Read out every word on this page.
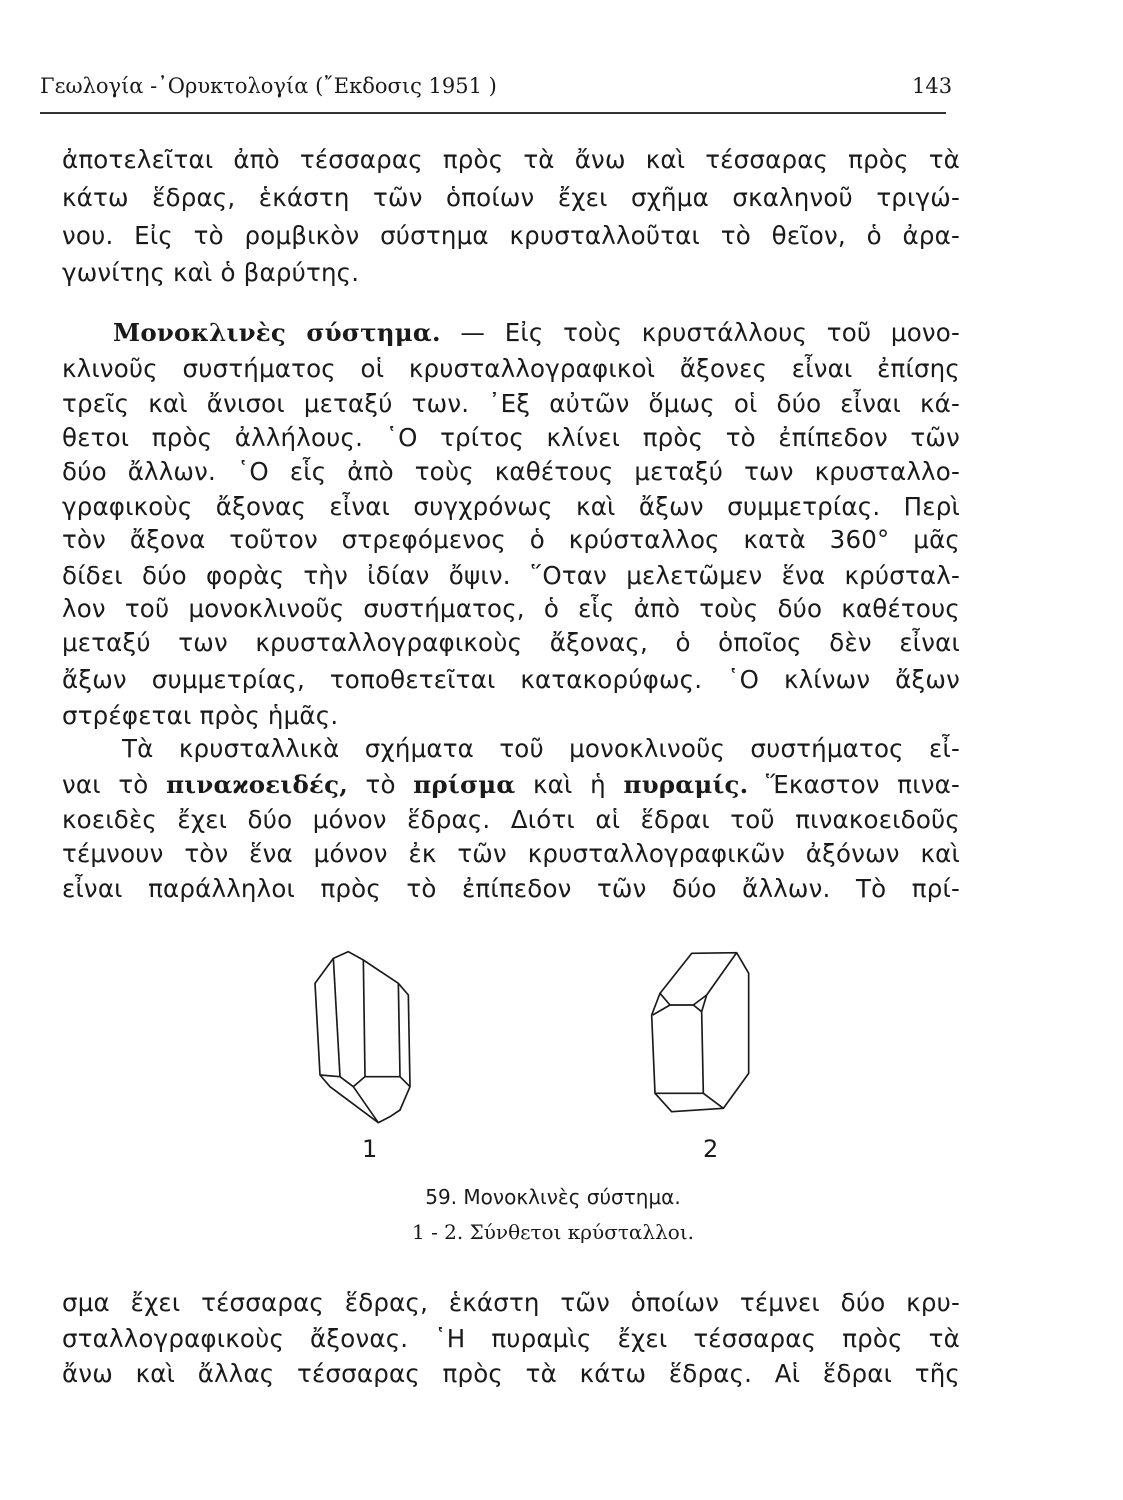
Γεωλογία -᾿Ορυκτολογία (῎Εκδοσις 1951 )	143
ἀποτελεῖται ἀπὸ τέσσαρας πρὸς τὰ ἄνω καὶ τέσσαρας πρὸς τὰ
κάτω ἕδρας, ἑκάστη τῶν ὁποίων ἔχει σχῆμα σκαληνοῦ τριγώ-
νου. Εἰς τὸ ρομβικὸν σύστημα κρυσταλλοῦται τὸ θεῖον, ὁ ἀρα-
γωνίτης καὶ ὁ βαρύτης.
Μονοκλινὲς σύστημα. — Εἰς τοὺς κρυστάλλους τοῦ μονο-
κλινοῦς συστήματος οἱ κρυσταλλογραφικοὶ ἄξονες εἶναι ἐπίσης
τρεῖς καὶ ἄνισοι μεταξύ των. ᾿Εξ αὐτῶν ὅμως οἱ δύο εἶναι κά-
θετοι πρὸς ἀλλήλους. ῾Ο τρίτος κλίνει πρὸς τὸ ἐπίπεδον τῶν
δύο ἄλλων. ῾Ο εἷς ἀπὸ τοὺς καθέτους μεταξύ των κρυσταλλο-
γραφικοὺς ἄξονας εἶναι συγχρόνως καὶ ἄξων συμμετρίας. Περὶ
τὸν ἄξονα τοῦτον στρεφόμενος ὁ κρύσταλλος κατὰ 360° μᾶς
δίδει δύο φορὰς τὴν ἰδίαν ὄψιν. ῞Οταν μελετῶμεν ἕνα κρύσταλ-
λον τοῦ μονοκλινοῦς συστήματος, ὁ εἷς ἀπὸ τοὺς δύο καθέτους
μεταξύ των κρυσταλλογραφικοὺς ἄξονας, ὁ ὁποῖος δὲν εἶναι
ἄξων συμμετρίας, τοποθετεῖται κατακορύφως. ῾Ο κλίνων ἄξων
στρέφεται πρὸς ἡμᾶς.
Τὰ κρυσταλλικὰ σχήματα τοῦ μονοκλινοῦς συστήματος εἶ-
ναι τὸ πιναϰοειδές, τὸ πρίσμα καὶ ἡ πυραμίς. Ἕκαστον πινα-
κοειδὲς ἔχει δύο μόνον ἕδρας. Διότι αἱ ἕδραι τοῦ πινακοειδοῦς
τέμνουν τὸν ἕνα μόνον ἐκ τῶν κρυσταλλογραφικῶν ἀξόνων καὶ
εἶναι παράλληλοι πρὸς τὸ ἐπίπεδον τῶν δύο ἄλλων. Τὸ πρί-
1	2
59. Μονοκλινὲς σύστημα.
1 - 2. Σύνθετοι κρύσταλλοι.
σμα ἔχει τέσσαρας ἕδρας, ἑκάστη τῶν ὁποίων τέμνει δύο κρυ-
σταλλογραφικοὺς ἄξονας. ῾Η πυραμὶς ἔχει τέσσαρας πρὸς τὰ
ἄνω καὶ ἄλλας τέσσαρας πρὸς τὰ κάτω ἕδρας. Αἱ ἕδραι τῆς
